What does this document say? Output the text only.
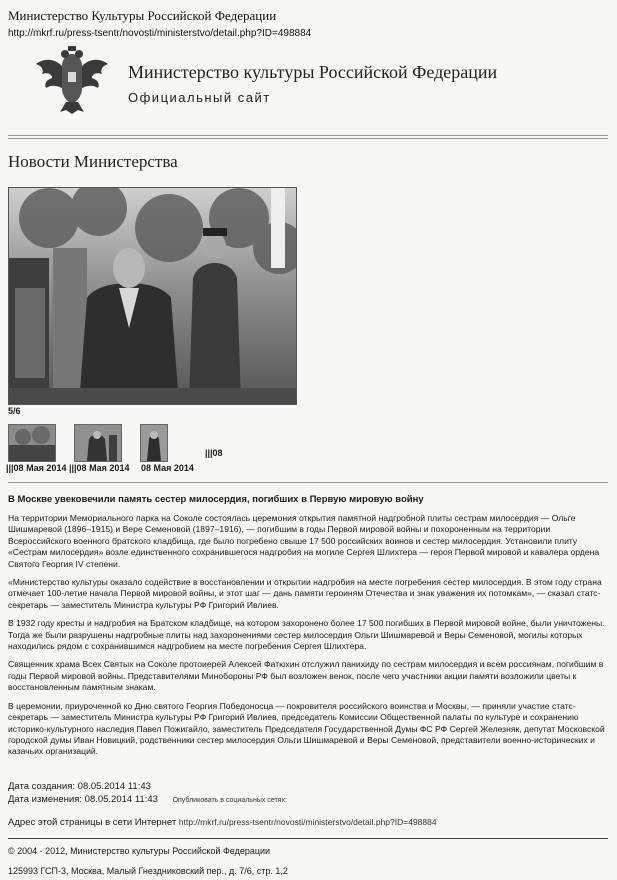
Министерство Культуры Российской Федерации
http://mkrf.ru/press-tsentr/novosti/ministerstvo/detail.php?ID=498884
Министерство культуры Российской Федерации
Официальный сайт
Новости Министерства
5/6
|||08 Мая 2014 |||08 Мая 2014 08 Мая 2014
|||08
В Москве увековечили память сестер милосердия, погибших в Первую мировую войну

На территории Мемориального парка на Соколе состоялась церемония открытия памятной надгробной плиты сестрам милосердия — Ольге Шишмаревой (1896–1915) и Вере Семеновой (1897–1916), — погибшим в годы Первой мировой войны и похороненным на территории Всероссийского военного братского кладбища, где было погребено свыше 17 500 российских воинов и сестер милосердия. Установили плиту «Сестрам милосердия» возле единственного сохранившегося надгробия на могиле Сергея Шлихтера — героя Первой мировой и кавалера ордена Святого Георгия IV степени.

«Министерство культуры оказало содействие в восстановлении и открытии надгробия на месте погребения сестер милосердия. В этом году страна отмечает 100-летие начала Первой мировой войны, и этот шаг — дань памяти героиням Отечества и знак уважения их потомкам», — сказал статс-секретарь — заместитель Министра культуры РФ Григорий Ивлиев.

В 1932 году кресты и надгробия на Братском кладбище, на котором захоронено более 17 500 погибших в Первой мировой войне, были уничтожены. Тогда же были разрушены надгробные плиты над захоронениями сестер милосердия Ольги Шишмаревой и Веры Семеновой, могилы которых находились рядом с сохранившимся надгробием на месте погребения Сергея Шлихтера.

Священник храма Всех Святых на Соколе протоиерей Алексей Фатюхин отслужил панихиду по сестрам милосердия и всем россиянам, погибшим в годы Первой мировой войны. Представителями Минобороны РФ был возложен венок, после чего участники акции памяти возложили цветы к восстановленным памятным знакам.

В церемонии, приуроченной ко Дню святого Георгия Победоносца — покровителя российского воинства и Москвы, — приняли участие статс-секретарь — заместитель Министра культуры РФ Григорий Ивлиев, председатель Комиссии Общественной палаты по культуре и сохранению историко-культурного наследия Павел Пожигайло, заместитель Председателя Государственной Думы ФС РФ Сергей Железняк, депутат Московской городской думы Иван Новицкий, родственники сестер милосердия Ольги Шишмаревой и Веры Семеновой, представители военно-исторических и казачьих организаций.

Дата создания: 08.05.2014 11:43
Дата изменения: 08.05.2014 11:43 Опубликовать в социальных сетях:
Адрес этой страницы в сети Интернет http://mkrf.ru/press-tsentr/novosti/ministerstvo/detail.php?ID=498884
© 2004 - 2012, Министерство культуры Российской Федерации
125993 ГСП-3, Москва, Малый Гнездниковский пер., д. 7/6, стр. 1,2
